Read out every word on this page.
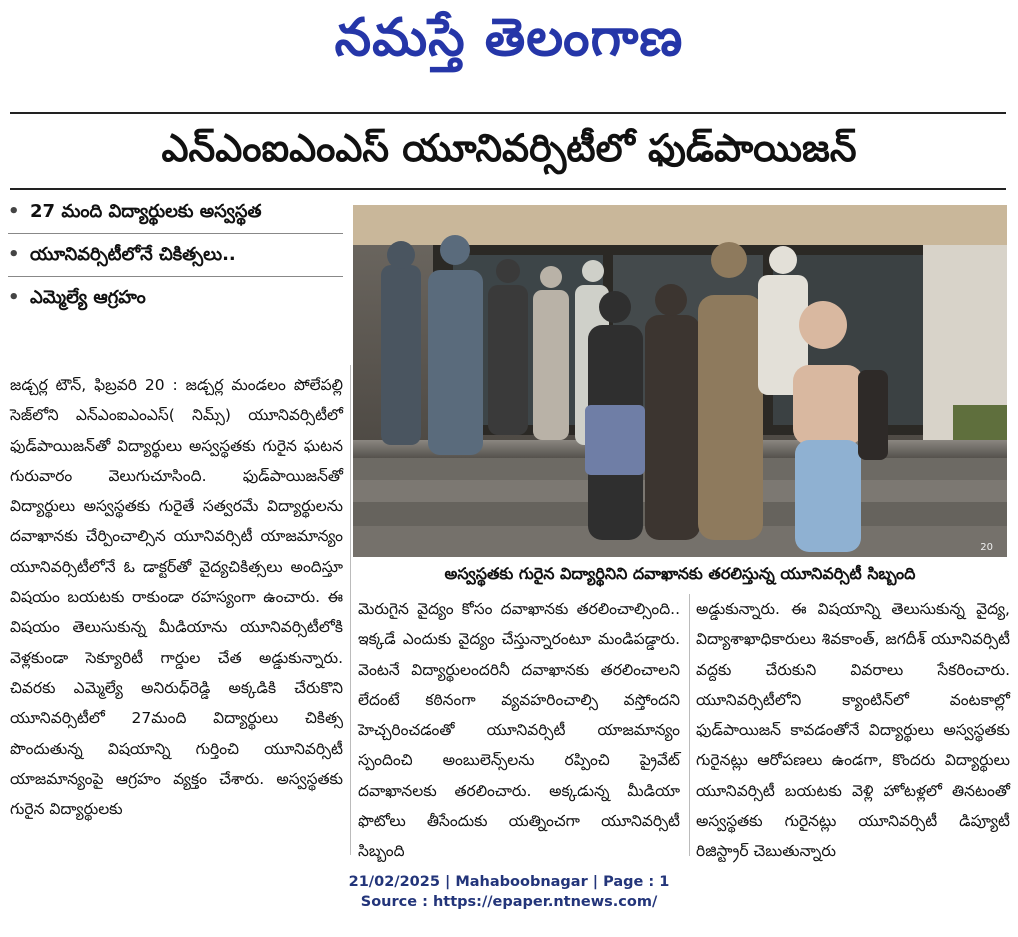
నమస్తే తెలంగాణ
ఎన్‌ఎంఐఎంఎస్‌ యూనివర్సిటీలో ఫుడ్‌పాయిజన్‌
• 27 మంది విద్యార్థులకు అస్వస్థత
• యూనివర్సిటీలోనే చికిత్సలు..
• ఎమ్మెల్యే ఆగ్రహం
20
అస్వస్థతకు గురైన విద్యార్థినిని దవాఖానకు తరలిస్తున్న యూనివర్సిటీ సిబ్బంది

జడ్చర్ల టౌన్‌, ఫిబ్రవరి 20 : జడ్చర్ల మండలం పోలేపల్లి సెజ్‌లోని ఎన్‌ఎంఐఎంఎస్‌( నిమ్స్‌) యూనివర్సిటీలో ఫుడ్‌పాయిజన్‌తో విద్యార్థులు అస్వస్థతకు గురైన ఘటన గురువారం వెలుగుచూసింది. ఫుడ్‌పాయిజన్‌తో విద్యార్థులు అస్వస్థతకు గురైతే సత్వరమే విద్యార్థులను దవాఖానకు చేర్పించాల్సిన యూనివర్సిటీ యాజమాన్యం యూనివర్సిటీలోనే ఓ డాక్టర్‌తో వైద్యచికిత్సలు అందిస్తూ విషయం బయటకు రాకుండా రహస్యంగా ఉంచారు. ఈ విషయం తెలుసుకున్న మీడియాను యూనివర్సిటీలోకి వెళ్లకుండా సెక్యూరిటీ గార్డుల చేత అడ్డుకున్నారు. చివరకు ఎమ్మెల్యే అనిరుధ్‌రెడ్డి అక్కడికి చేరుకొని యూనివర్సిటీలో 27మంది విద్యార్థులు చికిత్స పొందుతున్న విషయాన్ని గుర్తించి యూనివర్సిటీ యాజమాన్యంపై ఆగ్రహం వ్యక్తం చేశారు. అస్వస్థతకు గురైన విద్యార్థులకు

మెరుగైన వైద్యం కోసం దవాఖానకు తరలించాల్సింది.. ఇక్కడే ఎందుకు వైద్యం చేస్తున్నారంటూ మండిపడ్డారు. వెంటనే విద్యార్థులందరినీ దవాఖానకు తరలించాలని లేదంటే కఠినంగా వ్యవహరించాల్సి వస్తోందని హెచ్చరించడంతో యూనివర్సిటీ యాజమాన్యం స్పందించి అంబులెన్స్‌లను రప్పించి ప్రైవేట్‌ దవాఖానలకు తరలించారు. అక్కడున్న మీడియా ఫొటోలు తీసేందుకు యత్నించగా యూనివర్సిటీ సిబ్బంది

అడ్డుకున్నారు. ఈ విషయాన్ని తెలుసుకున్న వైద్య, విద్యాశాఖాధికారులు శివకాంత్‌, జగదీశ్‌ యూనివర్సిటీ వద్దకు చేరుకుని వివరాలు సేకరించారు. యూనివర్సిటీలోని క్యాంటిన్‌లో వంటకాల్లో ఫుడ్‌పాయిజన్‌ కావడంతోనే విద్యార్థులు అస్వస్థతకు గురైనట్లు ఆరోపణలు ఉండగా, కొందరు విద్యార్థులు యూనివర్సిటీ బయటకు వెళ్లి హోటళ్లలో తినటంతో అస్వస్థతకు గురైనట్లు యూనివర్సిటీ డిప్యూటీ రిజిస్ట్రార్‌ చెబుతున్నారు

21/02/2025 | Mahaboobnagar | Page : 1
Source : https://epaper.ntnews.com/
